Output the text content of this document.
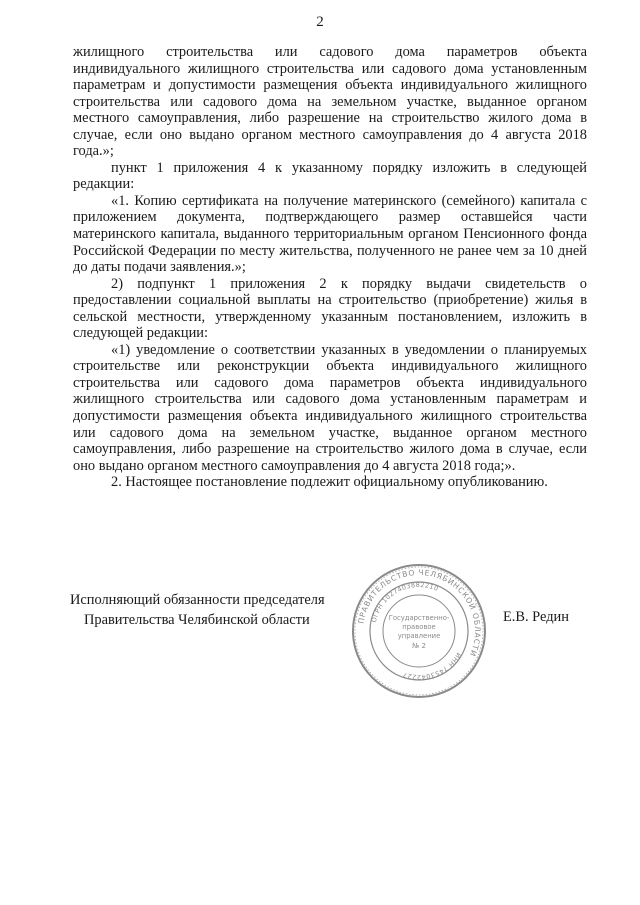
2

жилищного строительства или садового дома параметров объекта индивидуального жилищного строительства или садового дома установленным параметрам и допустимости размещения объекта индивидуального жилищного строительства или садового дома на земельном участке, выданное органом местного самоуправления, либо разрешение на строительство жилого дома в случае, если оно выдано органом местного самоуправления до 4 августа 2018 года.»;

пункт 1 приложения 4 к указанному порядку изложить в следующей редакции:

«1. Копию сертификата на получение материнского (семейного) капитала с приложением документа, подтверждающего размер оставшейся части материнского капитала, выданного территориальным органом Пенсионного фонда Российской Федерации по месту жительства, полученного не ранее чем за 10 дней до даты подачи заявления.»;

2) подпункт 1 приложения 2 к порядку выдачи свидетельств о предоставлении социальной выплаты на строительство (приобретение) жилья в сельской местности, утвержденному указанным постановлением, изложить в следующей редакции:

«1) уведомление о соответствии указанных в уведомлении о планируемых строительстве или реконструкции объекта индивидуального жилищного строительства или садового дома параметров объекта индивидуального жилищного строительства или садового дома установленным параметрам и допустимости размещения объекта индивидуального жилищного строительства или садового дома на земельном участке, выданное органом местного самоуправления, либо разрешение на строительство жилого дома в случае, если оно выдано органом местного самоуправления до 4 августа 2018 года;».

2. Настоящее постановление подлежит официальному опубликованию.

Исполняющий обязанности председателя
Правительства Челябинской области	Е.В. Редин
ПРАВИТЕЛЬСТВО ЧЕЛЯБИНСКОЙ ОБЛАСТИ
ОГРН 1027403882210
ИНН 7453042227
Государственно-
правовое
управление
№ 2
